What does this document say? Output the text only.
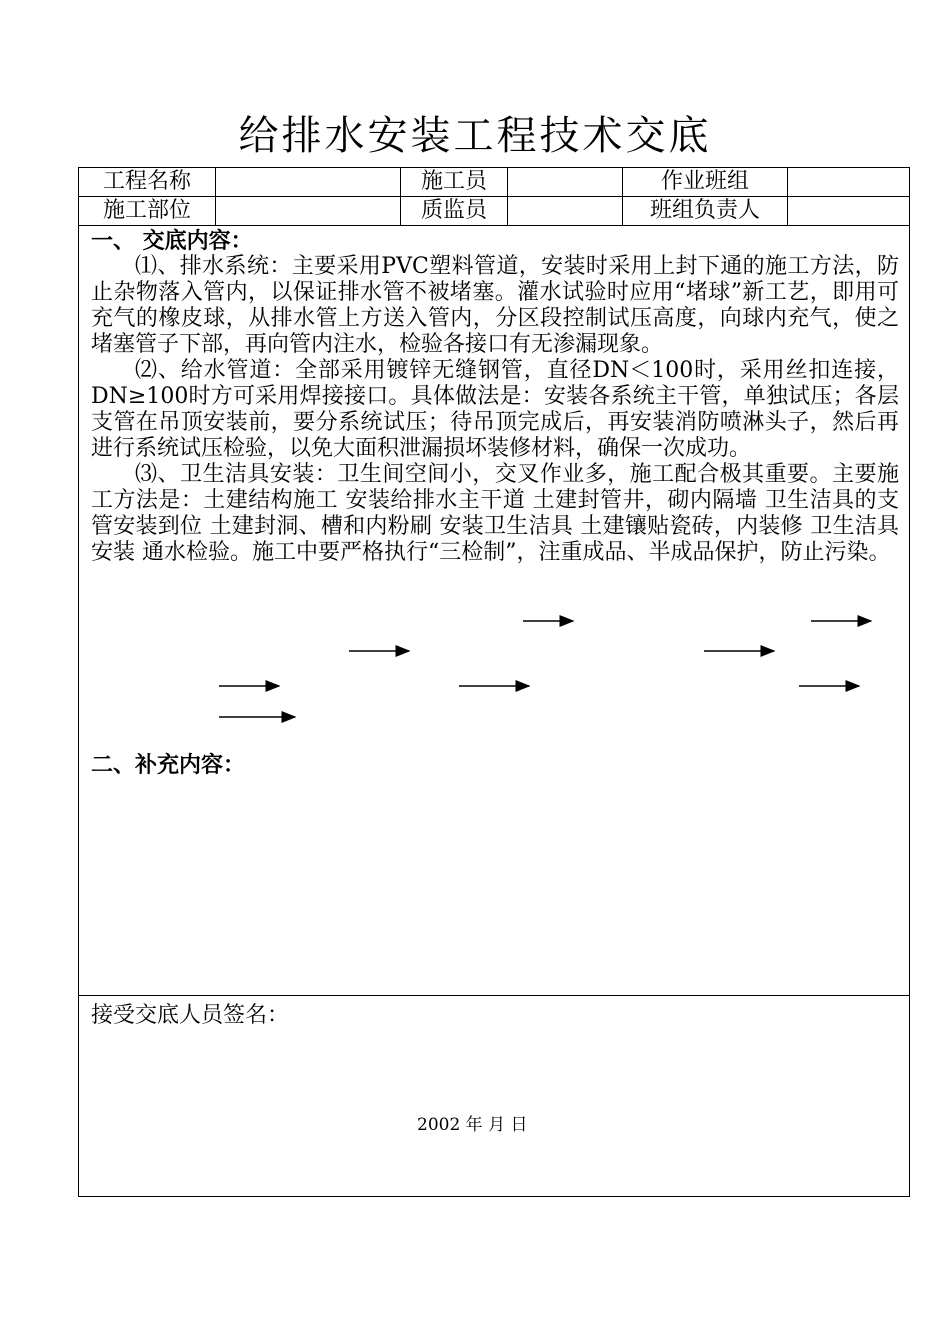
给排水安装工程技术交底
工程名称	施工员	作业班组
施工部位	质监员	班组负责人
一、 交底内容：

⑴、排水系统：主要采用PVC塑料管道，安装时采用上封下通的施工方法，防止杂物落入管内，以保证排水管不被堵塞。灌水试验时应用“堵球”新工艺，即用可充气的橡皮球，从排水管上方送入管内，分区段控制试压高度，向球内充气，使之堵塞管子下部，再向管内注水，检验各接口有无渗漏现象。

⑵、给水管道：全部采用镀锌无缝钢管，直径DN＜100时，采用丝扣连接，DN≥100时方可采用焊接接口。具体做法是：安装各系统主干管，单独试压；各层支管在吊顶安装前，要分系统试压；待吊顶完成后，再安装消防喷淋头子，然后再进行系统试压检验，以免大面积泄漏损坏装修材料，确保一次成功。

⑶、卫生洁具安装：卫生间空间小，交叉作业多，施工配合极其重要。主要施工方法是：土建结构施工 安装给排水主干道 土建封管井，砌内隔墙 卫生洁具的支管安装到位 土建封洞、槽和内粉刷 安装卫生洁具 土建镶贴瓷砖，内装修 卫生洁具安装 通水检验。施工中要严格执行“三检制”，注重成品、半成品保护，防止污染。

二、补充内容：
接受交底人员签名：
2002 年 月 日
